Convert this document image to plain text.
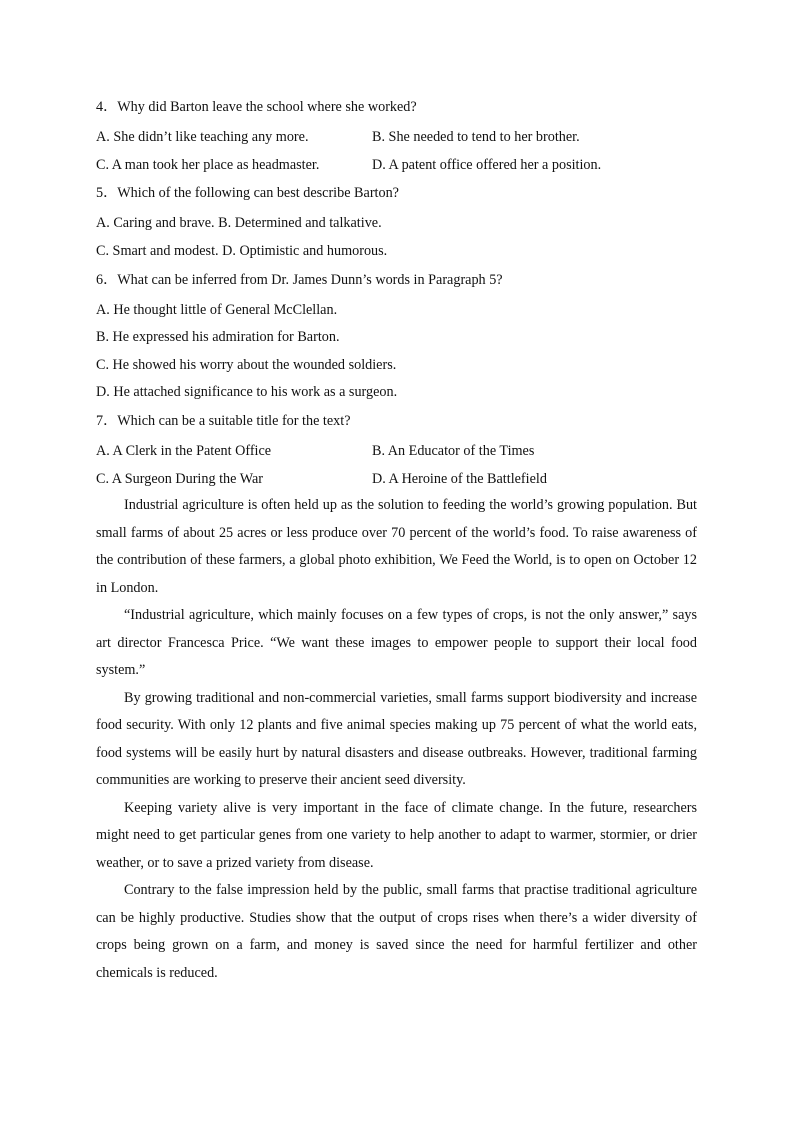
4．Why did Barton leave the school where she worked?
A. She didn’t like teaching any more.	B. She needed to tend to her brother.
C. A man took her place as headmaster.	D. A patent office offered her a position.
5．Which of the following can best describe Barton?
A. Caring and brave. B. Determined and talkative.
C. Smart and modest. D. Optimistic and humorous.
6．What can be inferred from Dr. James Dunn’s words in Paragraph 5?
A. He thought little of General McClellan.
B. He expressed his admiration for Barton.
C. He showed his worry about the wounded soldiers.
D. He attached significance to his work as a surgeon.
7．Which can be a suitable title for the text?
A. A Clerk in the Patent Office	B. An Educator of the Times
C. A Surgeon During the War	D. A Heroine of the Battlefield

Industrial agriculture is often held up as the solution to feeding the world’s growing population. But small farms of about 25 acres or less produce over 70 percent of the world’s food. To raise awareness of the contribution of these farmers, a global photo exhibition, We Feed the World, is to open on October 12 in London.

“Industrial agriculture, which mainly focuses on a few types of crops, is not the only answer,” says art director Francesca Price. “We want these images to empower people to support their local food system.”

By growing traditional and non-commercial varieties, small farms support biodiversity and increase food security. With only 12 plants and five animal species making up 75 percent of what the world eats, food systems will be easily hurt by natural disasters and disease outbreaks. However, traditional farming communities are working to preserve their ancient seed diversity.

Keeping variety alive is very important in the face of climate change. In the future, researchers might need to get particular genes from one variety to help another to adapt to warmer, stormier, or drier weather, or to save a prized variety from disease.

Contrary to the false impression held by the public, small farms that practise traditional agriculture can be highly productive. Studies show that the output of crops rises when there’s a wider diversity of crops being grown on a farm, and money is saved since the need for harmful fertilizer and other chemicals is reduced.
